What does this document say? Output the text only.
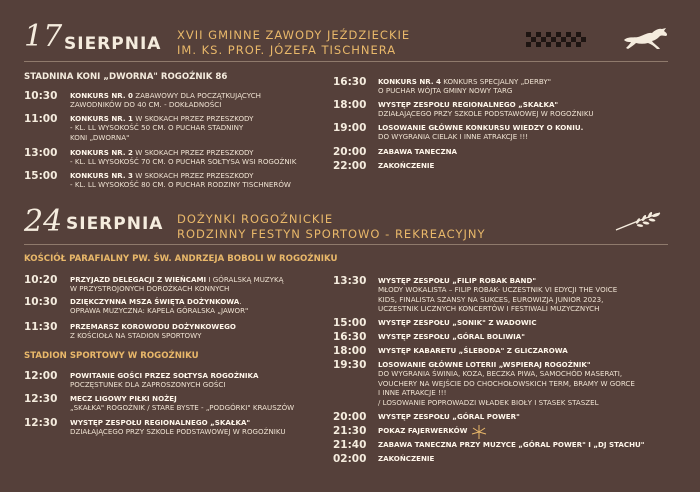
17 SIERPNIA XVII GMINNE ZAWODY JEŹDZIECKIE
IM. KS. PROF. JÓZEFA TISCHNERA
STADNINA KONI „DWORNA" ROGOŹNIK 86
10:30	KONKURS NR. 0 ZABAWOWY DLA POCZĄTKUJĄCYCH
ZAWODNIKÓW DO 40 CM. - DOKŁADNOŚCI
11:00	KONKURS NR. 1 W SKOKACH PRZEZ PRZESZKODY
- KL. LL WYSOKOŚĆ 50 CM. O PUCHAR STADNINY
KONI „DWORNA"
13:00	KONKURS NR. 2 W SKOKACH PRZEZ PRZESZKODY
- KL. LL WYSOKOŚĆ 70 CM. O PUCHAR SOŁTYSA WSI ROGOŹNIK
15:00	KONKURS NR. 3 W SKOKACH PRZEZ PRZESZKODY
- KL. LL WYSOKOŚĆ 80 CM. O PUCHAR RODZINY TISCHNERÓW
16:30	KONKURS NR. 4 KONKURS SPECJALNY „DERBY"
O PUCHAR WÓJTA GMINY NOWY TARG
18:00	WYSTĘP ZESPOŁU REGIONALNEGO „SKAŁKA"
DZIAŁAJĄCEGO PRZY SZKOLE PODSTAWOWEJ W ROGOŹNIKU
19:00	LOSOWANIE GŁÓWNE KONKURSU WIEDZY O KONIU.
DO WYGRANIA CIELAK I INNE ATRAKCJE !!!
20:00	ZABAWA TANECZNA
22:00	ZAKOŃCZENIE
24 SIERPNIA DOŻYNKI ROGOŹNICKIE
RODZINNY FESTYN SPORTOWO - REKREACYJNY
KOŚCIÓŁ PARAFIALNY PW. ŚW. ANDRZEJA BOBOLI W ROGOŹNIKU
STADION SPORTOWY W ROGOŹNIKU
10:20	PRZYJAZD DELEGACJI Z WIEŃCAMI I GÓRALSKĄ MUZYKĄ
W PRZYSTROJONYCH DOROŻKACH KONNYCH
10:30	DZIĘKCZYNNA MSZA ŚWIĘTA DOŻYNKOWA.
OPRAWA MUZYCZNA: KAPELA GÓRALSKA „JAWOR"
11:30	PRZEMARSZ KOROWODU DOŻYNKOWEGO
Z KOŚCIOŁA NA STADION SPORTOWY
12:00	POWITANIE GOŚCI PRZEZ SOŁTYSA ROGOŹNIKA
POCZĘSTUNEK DLA ZAPROSZONYCH GOŚCI
12:30	MECZ LIGOWY PIŁKI NOŻEJ
„SKAŁKA" ROGOŹNIK / STARE BYSTE - „PODGÓRKI" KRAUSZÓW
12:30	WYSTĘP ZESPOŁU REGIONALNEGO „SKAŁKA"
DZIAŁAJĄCEGO PRZY SZKOLE PODSTAWOWEJ W ROGOŹNIKU
13:30	WYSTĘP ZESPOŁU „FILIP ROBAK BAND"
MŁODY WOKALISTA – FILIP ROBAK- UCZESTNIK VI EDYCJI THE VOICE
KIDS, FINALISTA SZANSY NA SUKCES, EUROWIZJA JUNIOR 2023,
UCZESTNIK LICZNYCH KONCERTÓW I FESTIWALI MUZYCZNYCH
15:00	WYSTĘP ZESPOŁU „SONIK" Z WADOWIC
16:30	WYSTĘP ZESPOŁU „GÓRAL BOLIWIA"
18:00	WYSTĘP KABARETU „ŚLEBODA" Z GLICZAROWA
19:30	LOSOWANIE GŁÓWNE LOTERII „WSPIERAJ ROGOŹNIK"
DO WYGRANIA ŚWINIA, KOZA, BECZKA PIWA, SAMOCHÓD MASERATI,
VOUCHERY NA WEJŚCIE DO CHOCHOŁOWSKICH TERM, BRAMY W GORCE
I INNE ATRAKCJE !!!
/ LOSOWANIE POPROWADZI WŁADEK BIOŁY I STASEK STASZEL
20:00	WYSTĘP ZESPOŁU „GÓRAL POWER"
21:30	POKAZ FAJERWERKÓW
21:40	ZABAWA TANECZNA PRZY MUZYCE „GÓRAL POWER" I „DJ STACHU"
02:00	ZAKOŃCZENIE
